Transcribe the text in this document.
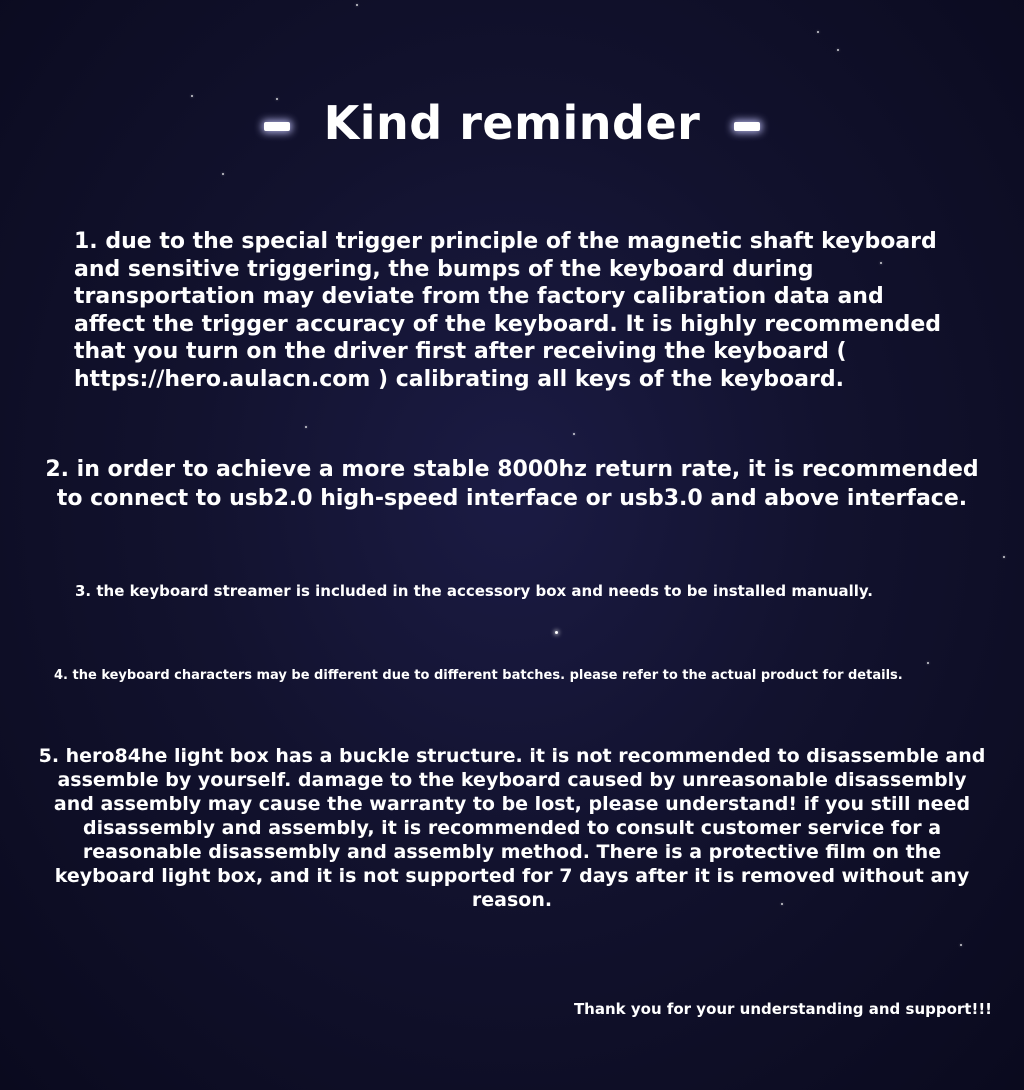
Kind reminder

1. due to the special trigger principle of the magnetic shaft keyboard
and sensitive triggering, the bumps of the keyboard during
transportation may deviate from the factory calibration data and
affect the trigger accuracy of the keyboard. It is highly recommended
that you turn on the driver first after receiving the keyboard (
https://hero.aulacn.com ) calibrating all keys of the keyboard.

2. in order to achieve a more stable 8000hz return rate, it is recommended
to connect to usb2.0 high-speed interface or usb3.0 and above interface.

3. the keyboard streamer is included in the accessory box and needs to be installed manually.

4. the keyboard characters may be different due to different batches. please refer to the actual product for details.

5. hero84he light box has a buckle structure. it is not recommended to disassemble and
assemble by yourself. damage to the keyboard caused by unreasonable disassembly
and assembly may cause the warranty to be lost, please understand! if you still need
disassembly and assembly, it is recommended to consult customer service for a
reasonable disassembly and assembly method. There is a protective film on the
keyboard light box, and it is not supported for 7 days after it is removed without any
reason.

Thank you for your understanding and support!!!
